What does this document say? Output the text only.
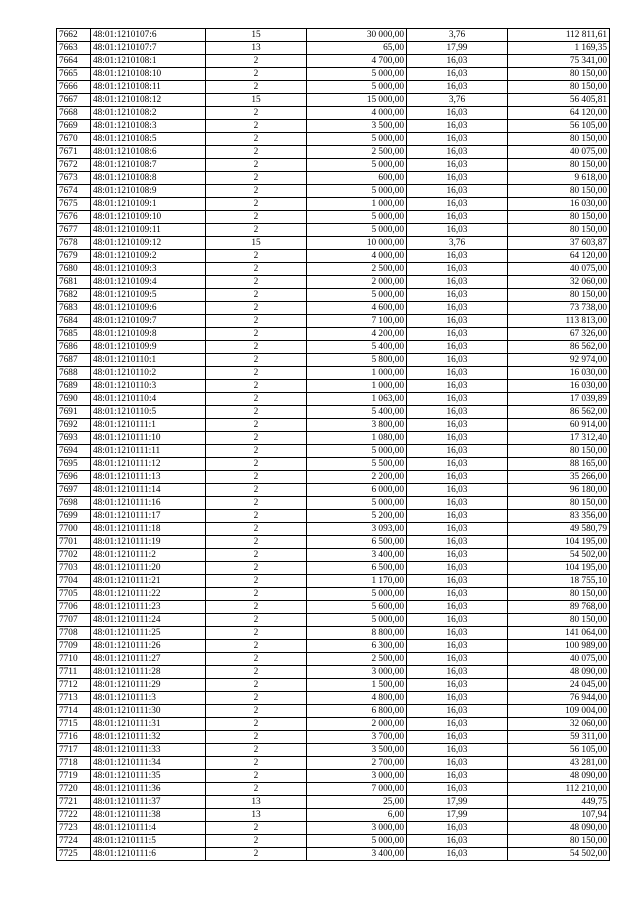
7662	48:01:1210107:6	15	30 000,00	3,76	112 811,61
7663	48:01:1210107:7	13	65,00	17,99	1 169,35
7664	48:01:1210108:1	2	4 700,00	16,03	75 341,00
7665	48:01:1210108:10	2	5 000,00	16,03	80 150,00
7666	48:01:1210108:11	2	5 000,00	16,03	80 150,00
7667	48:01:1210108:12	15	15 000,00	3,76	56 405,81
7668	48:01:1210108:2	2	4 000,00	16,03	64 120,00
7669	48:01:1210108:3	2	3 500,00	16,03	56 105,00
7670	48:01:1210108:5	2	5 000,00	16,03	80 150,00
7671	48:01:1210108:6	2	2 500,00	16,03	40 075,00
7672	48:01:1210108:7	2	5 000,00	16,03	80 150,00
7673	48:01:1210108:8	2	600,00	16,03	9 618,00
7674	48:01:1210108:9	2	5 000,00	16,03	80 150,00
7675	48:01:1210109:1	2	1 000,00	16,03	16 030,00
7676	48:01:1210109:10	2	5 000,00	16,03	80 150,00
7677	48:01:1210109:11	2	5 000,00	16,03	80 150,00
7678	48:01:1210109:12	15	10 000,00	3,76	37 603,87
7679	48:01:1210109:2	2	4 000,00	16,03	64 120,00
7680	48:01:1210109:3	2	2 500,00	16,03	40 075,00
7681	48:01:1210109:4	2	2 000,00	16,03	32 060,00
7682	48:01:1210109:5	2	5 000,00	16,03	80 150,00
7683	48:01:1210109:6	2	4 600,00	16,03	73 738,00
7684	48:01:1210109:7	2	7 100,00	16,03	113 813,00
7685	48:01:1210109:8	2	4 200,00	16,03	67 326,00
7686	48:01:1210109:9	2	5 400,00	16,03	86 562,00
7687	48:01:1210110:1	2	5 800,00	16,03	92 974,00
7688	48:01:1210110:2	2	1 000,00	16,03	16 030,00
7689	48:01:1210110:3	2	1 000,00	16,03	16 030,00
7690	48:01:1210110:4	2	1 063,00	16,03	17 039,89
7691	48:01:1210110:5	2	5 400,00	16,03	86 562,00
7692	48:01:1210111:1	2	3 800,00	16,03	60 914,00
7693	48:01:1210111:10	2	1 080,00	16,03	17 312,40
7694	48:01:1210111:11	2	5 000,00	16,03	80 150,00
7695	48:01:1210111:12	2	5 500,00	16,03	88 165,00
7696	48:01:1210111:13	2	2 200,00	16,03	35 266,00
7697	48:01:1210111:14	2	6 000,00	16,03	96 180,00
7698	48:01:1210111:16	2	5 000,00	16,03	80 150,00
7699	48:01:1210111:17	2	5 200,00	16,03	83 356,00
7700	48:01:1210111:18	2	3 093,00	16,03	49 580,79
7701	48:01:1210111:19	2	6 500,00	16,03	104 195,00
7702	48:01:1210111:2	2	3 400,00	16,03	54 502,00
7703	48:01:1210111:20	2	6 500,00	16,03	104 195,00
7704	48:01:1210111:21	2	1 170,00	16,03	18 755,10
7705	48:01:1210111:22	2	5 000,00	16,03	80 150,00
7706	48:01:1210111:23	2	5 600,00	16,03	89 768,00
7707	48:01:1210111:24	2	5 000,00	16,03	80 150,00
7708	48:01:1210111:25	2	8 800,00	16,03	141 064,00
7709	48:01:1210111:26	2	6 300,00	16,03	100 989,00
7710	48:01:1210111:27	2	2 500,00	16,03	40 075,00
7711	48:01:1210111:28	2	3 000,00	16,03	48 090,00
7712	48:01:1210111:29	2	1 500,00	16,03	24 045,00
7713	48:01:1210111:3	2	4 800,00	16,03	76 944,00
7714	48:01:1210111:30	2	6 800,00	16,03	109 004,00
7715	48:01:1210111:31	2	2 000,00	16,03	32 060,00
7716	48:01:1210111:32	2	3 700,00	16,03	59 311,00
7717	48:01:1210111:33	2	3 500,00	16,03	56 105,00
7718	48:01:1210111:34	2	2 700,00	16,03	43 281,00
7719	48:01:1210111:35	2	3 000,00	16,03	48 090,00
7720	48:01:1210111:36	2	7 000,00	16,03	112 210,00
7721	48:01:1210111:37	13	25,00	17,99	449,75
7722	48:01:1210111:38	13	6,00	17,99	107,94
7723	48:01:1210111:4	2	3 000,00	16,03	48 090,00
7724	48:01:1210111:5	2	5 000,00	16,03	80 150,00
7725	48:01:1210111:6	2	3 400,00	16,03	54 502,00
